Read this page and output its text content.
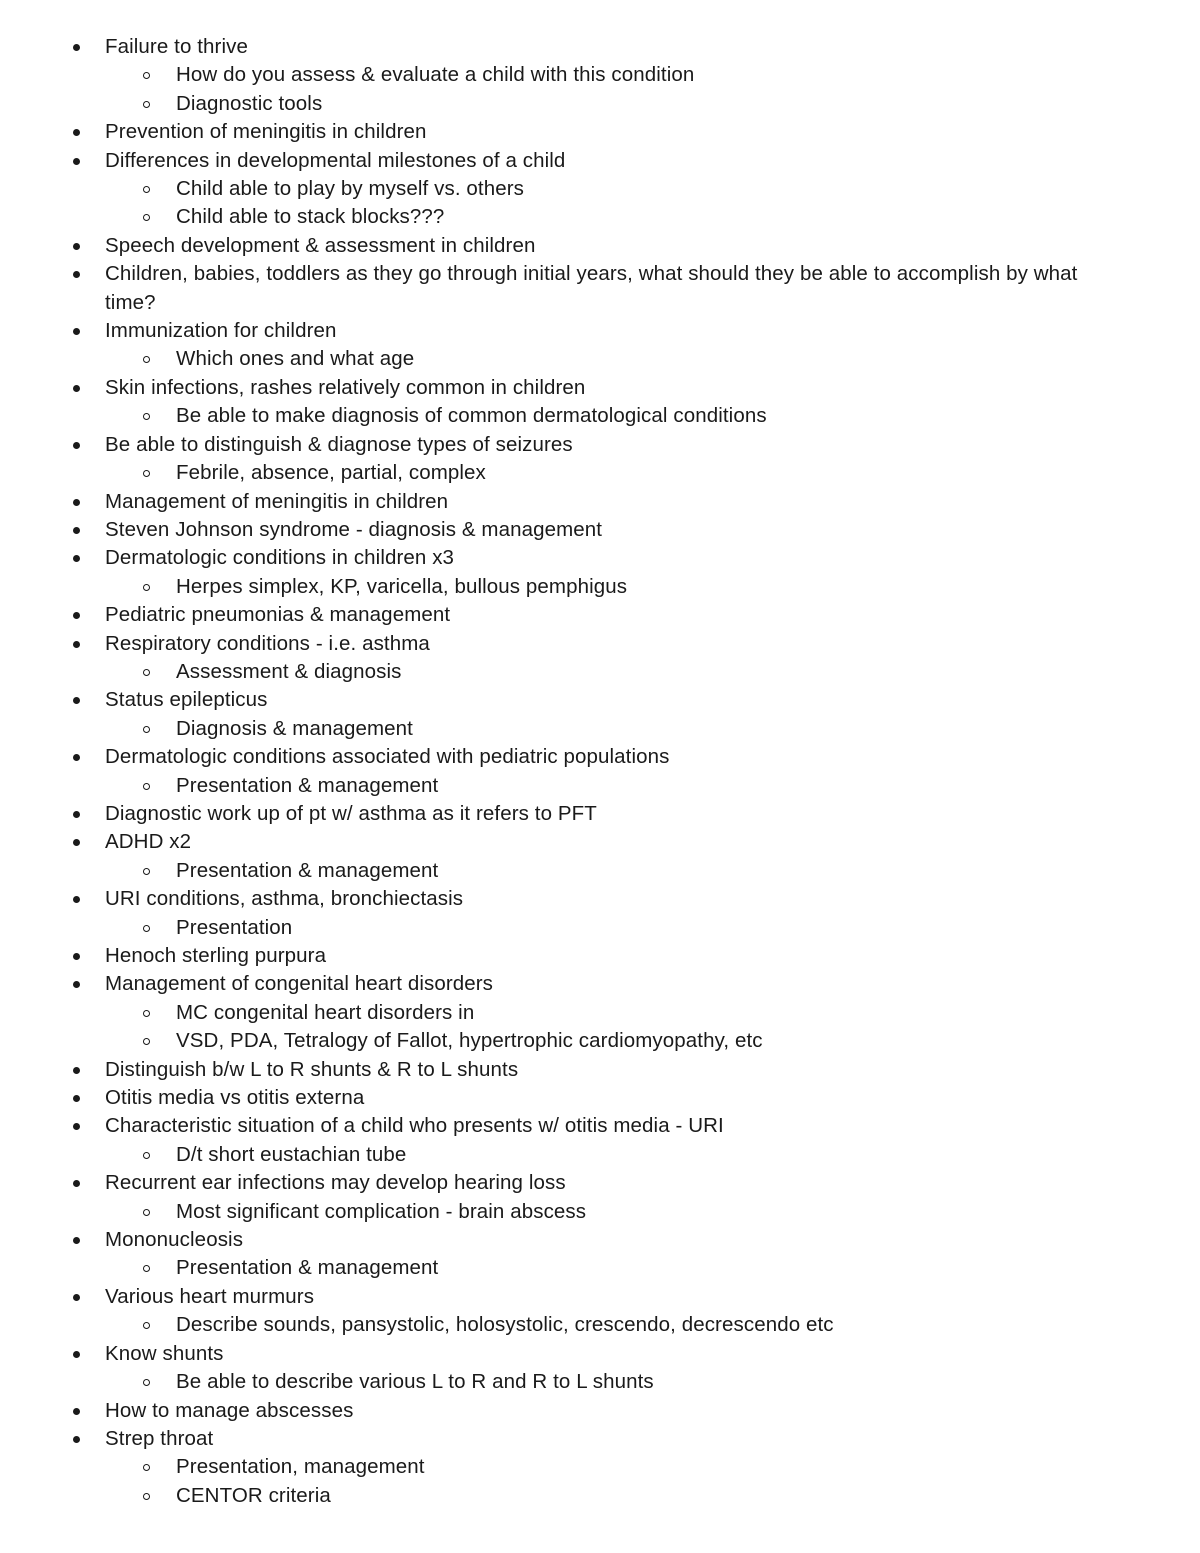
Failure to thrive
How do you assess & evaluate a child with this condition
Diagnostic tools
Prevention of meningitis in children
Differences in developmental milestones of a child
Child able to play by myself vs. others
Child able to stack blocks???
Speech development & assessment in children
Children, babies, toddlers as they go through initial years, what should they be able to accomplish by what time?
Immunization for children
Which ones and what age
Skin infections, rashes relatively common in children
Be able to make diagnosis of common dermatological conditions
Be able to distinguish & diagnose types of seizures
Febrile, absence, partial, complex
Management of meningitis in children
Steven Johnson syndrome - diagnosis & management
Dermatologic conditions in children x3
Herpes simplex, KP, varicella, bullous pemphigus
Pediatric pneumonias & management
Respiratory conditions - i.e. asthma
Assessment & diagnosis
Status epilepticus
Diagnosis & management
Dermatologic conditions associated with pediatric populations
Presentation & management
Diagnostic work up of pt w/ asthma as it refers to PFT
ADHD x2
Presentation & management
URI conditions, asthma, bronchiectasis
Presentation
Henoch sterling purpura
Management of congenital heart disorders
MC congenital heart disorders in
VSD, PDA, Tetralogy of Fallot, hypertrophic cardiomyopathy, etc
Distinguish b/w L to R shunts & R to L shunts
Otitis media vs otitis externa
Characteristic situation of a child who presents w/ otitis media - URI
D/t short eustachian tube
Recurrent ear infections may develop hearing loss
Most significant complication - brain abscess
Mononucleosis
Presentation & management
Various heart murmurs
Describe sounds, pansystolic, holosystolic, crescendo, decrescendo etc
Know shunts
Be able to describe various L to R and R to L shunts
How to manage abscesses
Strep throat
Presentation, management
CENTOR criteria
